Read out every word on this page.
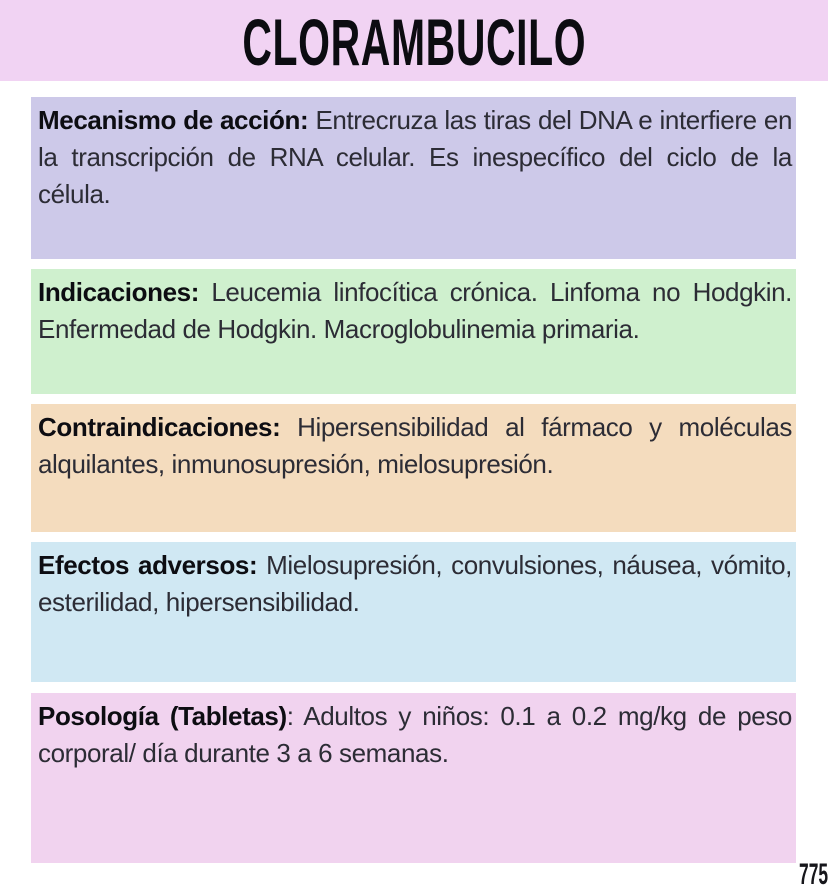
CLORAMBUCILO

Mecanismo de acción: Entrecruza las tiras del DNA e interfiere en la transcripción de RNA celular. Es inespecífico del ciclo de la célula.

Indicaciones: Leucemia linfocítica crónica. Linfoma no Hodgkin. Enfermedad de Hodgkin. Macroglobulinemia primaria.

Contraindicaciones: Hipersensibilidad al fármaco y moléculas alquilantes, inmunosupresión, mielosupresión.

Efectos adversos: Mielosupresión, convulsiones, náusea, vómito, esterilidad, hipersensibilidad.

Posología (Tabletas): Adultos y niños: 0.1 a 0.2 mg/kg de peso corporal/ día durante 3 a 6 semanas.

775
